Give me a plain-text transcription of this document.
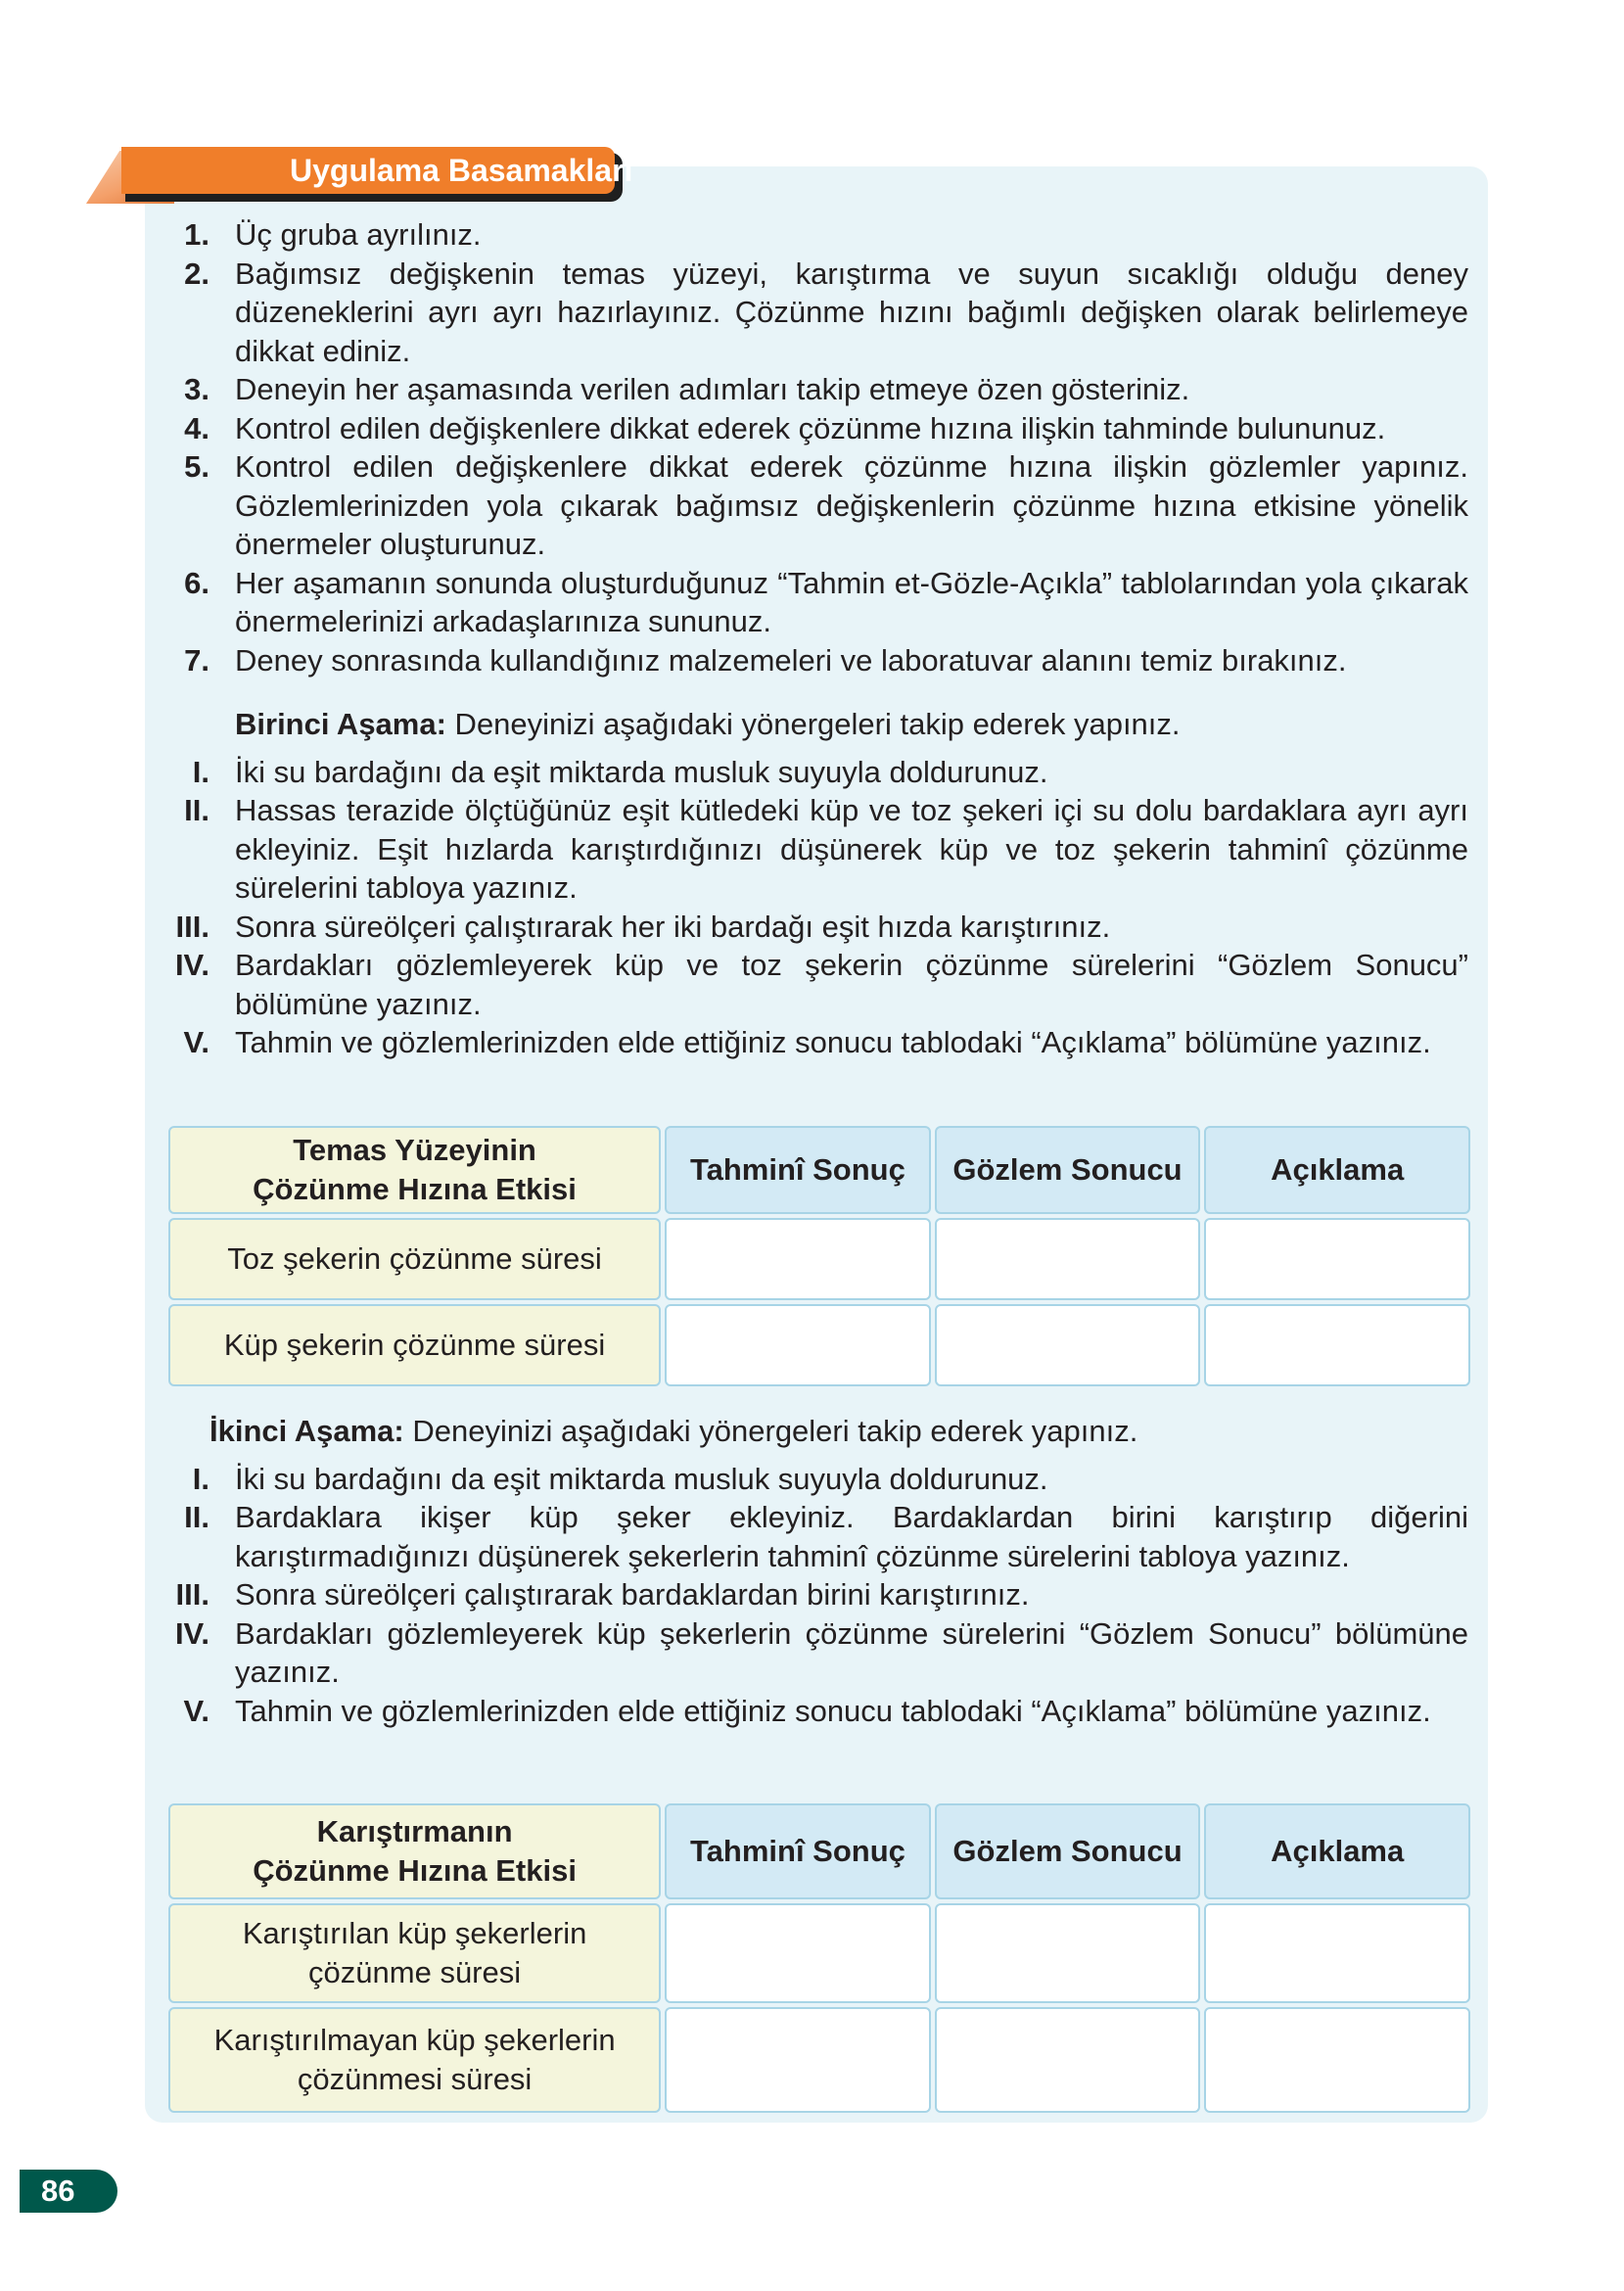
Uygulama Basamakları
1. Üç gruba ayrılınız.
2. Bağımsız değişkenin temas yüzeyi, karıştırma ve suyun sıcaklığı olduğu deney düzeneklerini ayrı ayrı hazırlayınız. Çözünme hızını bağımlı değişken olarak belirlemeye dikkat ediniz.
3. Deneyin her aşamasında verilen adımları takip etmeye özen gösteriniz.
4. Kontrol edilen değişkenlere dikkat ederek çözünme hızına ilişkin tahminde bulununuz.
5. Kontrol edilen değişkenlere dikkat ederek çözünme hızına ilişkin gözlemler yapınız. Gözlemlerinizden yola çıkarak bağımsız değişkenlerin çözünme hızına etkisine yönelik önermeler oluşturunuz.
6. Her aşamanın sonunda oluşturduğunuz “Tahmin et-Gözle-Açıkla” tablolarından yola çıkarak önermelerinizi arkadaşlarınıza sununuz.
7. Deney sonrasında kullandığınız malzemeleri ve laboratuvar alanını temiz bırakınız.
Birinci Aşama: Deneyinizi aşağıdaki yönergeleri takip ederek yapınız.
I. İki su bardağını da eşit miktarda musluk suyuyla doldurunuz.
II. Hassas terazide ölçtüğünüz eşit kütledeki küp ve toz şekeri içi su dolu bardaklara ayrı ayrı ekleyiniz. Eşit hızlarda karıştırdığınızı düşünerek küp ve toz şekerin tahminî çözünme sürelerini tabloya yazınız.
III. Sonra süreölçeri çalıştırarak her iki bardağı eşit hızda karıştırınız.
IV. Bardakları gözlemleyerek küp ve toz şekerin çözünme sürelerini “Gözlem Sonucu” bölümüne yazınız.
V. Tahmin ve gözlemlerinizden elde ettiğiniz sonucu tablodaki “Açıklama” bölümüne yazınız.
Temas Yüzeyinin
Çözünme Hızına Etkisi	Tahminî Sonuç	Gözlem Sonucu	Açıklama

Toz şekerin çözünme süresi			

Küp şekerin çözünme süresi			

İkinci Aşama: Deneyinizi aşağıdaki yönergeleri takip ederek yapınız.
I. İki su bardağını da eşit miktarda musluk suyuyla doldurunuz.
II. Bardaklara ikişer küp şeker ekleyiniz. Bardaklardan birini karıştırıp diğerini karıştırmadığınızı düşünerek şekerlerin tahminî çözünme sürelerini tabloya yazınız.
III. Sonra süreölçeri çalıştırarak bardaklardan birini karıştırınız.
IV. Bardakları gözlemleyerek küp şekerlerin çözünme sürelerini “Gözlem Sonucu” bölümüne yazınız.
V. Tahmin ve gözlemlerinizden elde ettiğiniz sonucu tablodaki “Açıklama” bölümüne yazınız.
Karıştırmanın
Çözünme Hızına Etkisi	Tahminî Sonuç	Gözlem Sonucu	Açıklama

Karıştırılan küp şekerlerin
çözünme süresi			

Karıştırılmayan küp şekerlerin
çözünmesi süresi			

86
